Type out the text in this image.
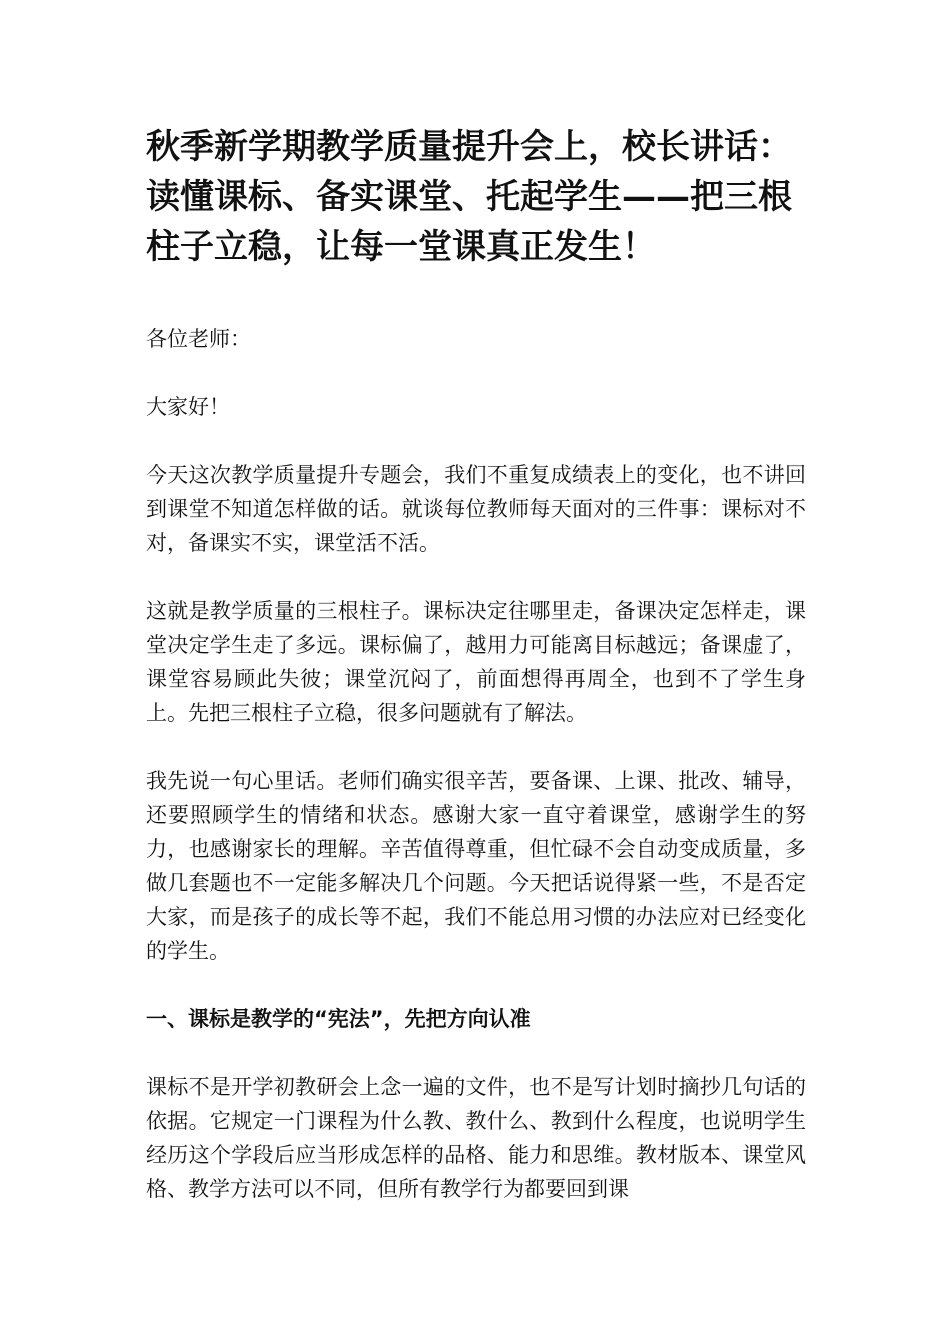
秋季新学期教学质量提升会上，校长讲话：读懂课标、备实课堂、托起学生——把三根柱子立稳，让每一堂课真正发生！

各位老师：

大家好！

今天这次教学质量提升专题会，我们不重复成绩表上的变化，也不讲回到课堂不知道怎样做的话。就谈每位教师每天面对的三件事：课标对不对，备课实不实，课堂活不活。

这就是教学质量的三根柱子。课标决定往哪里走，备课决定怎样走，课堂决定学生走了多远。课标偏了，越用力可能离目标越远；备课虚了，课堂容易顾此失彼；课堂沉闷了，前面想得再周全，也到不了学生身上。先把三根柱子立稳，很多问题就有了解法。

我先说一句心里话。老师们确实很辛苦，要备课、上课、批改、辅导，还要照顾学生的情绪和状态。感谢大家一直守着课堂，感谢学生的努力，也感谢家长的理解。辛苦值得尊重，但忙碌不会自动变成质量，多做几套题也不一定能多解决几个问题。今天把话说得紧一些，不是否定大家，而是孩子的成长等不起，我们不能总用习惯的办法应对已经变化的学生。

一、课标是教学的“宪法”，先把方向认准

课标不是开学初教研会上念一遍的文件，也不是写计划时摘抄几句话的依据。它规定一门课程为什么教、教什么、教到什么程度，也说明学生经历这个学段后应当形成怎样的品格、能力和思维。教材版本、课堂风格、教学方法可以不同，但所有教学行为都要回到课
